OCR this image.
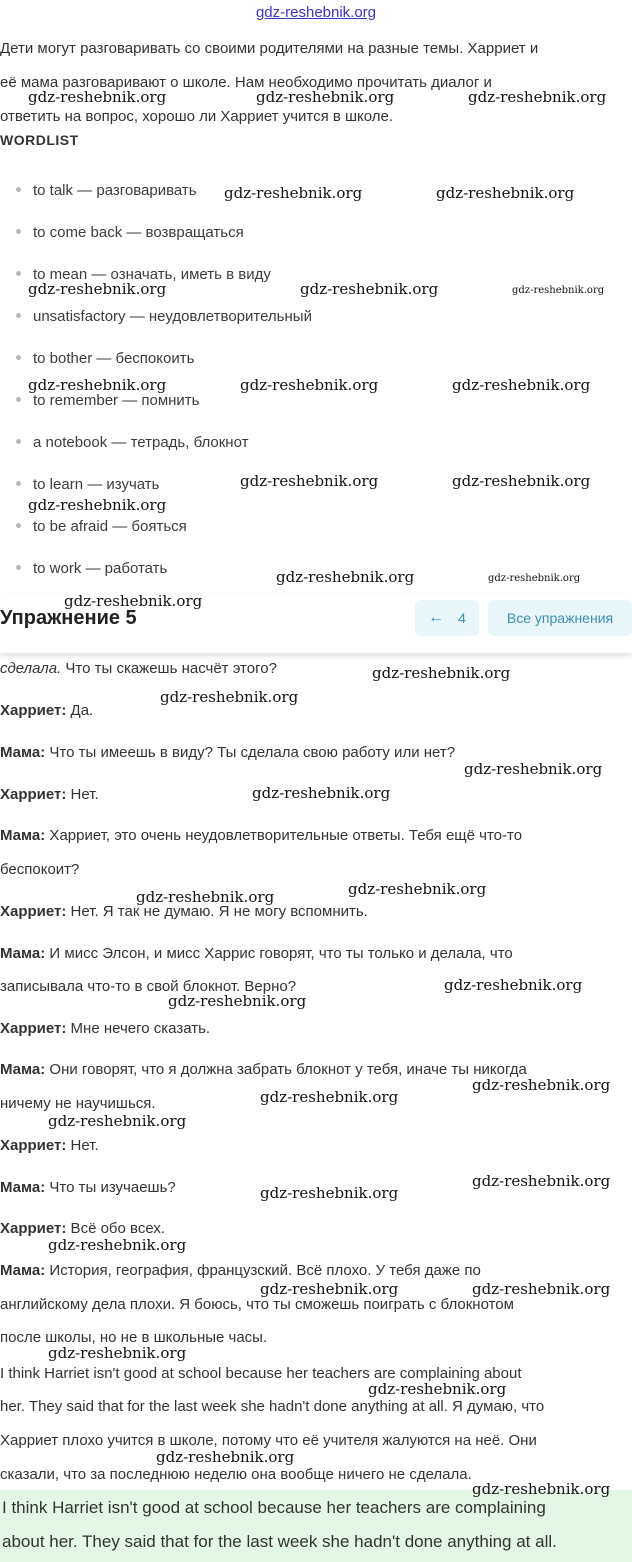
gdz-reshebnik.org
Дети могут разговаривать со своими родителями на разные темы. Харриет и
её мама разговаривают о школе. Нам необходимо прочитать диалог и
ответить на вопрос, хорошо ли Харриет учится в школе.
WORDLIST
to talk — разговаривать
to come back — возвращаться
to mean — означать, иметь в виду
unsatisfactory — неудовлетворительный
to bother — беспокоить
to remember — помнить
a notebook — тетрадь, блокнот
to learn — изучать
to be afraid — бояться
to work — работать
сделала. Что ты скажешь насчёт этого?
Харриет: Да.
Мама: Что ты имеешь в виду? Ты сделала свою работу или нет?
Харриет: Нет.
Мама: Харриет, это очень неудовлетворительные ответы. Тебя ещё что-то
беспокоит?
Харриет: Нет. Я так не думаю. Я не могу вспомнить.
Мама: И мисс Элсон, и мисс Харрис говорят, что ты только и делала, что
записывала что-то в свой блокнот. Верно?
Харриет: Мне нечего сказать.
Мама: Они говорят, что я должна забрать блокнот у тебя, иначе ты никогда
ничему не научишься.
Харриет: Нет.
Мама: Что ты изучаешь?
Харриет: Всё обо всех.
Мама: История, география, французский. Всё плохо. У тебя даже по
английскому дела плохи. Я боюсь, что ты сможешь поиграть с блокнотом
после школы, но не в школьные часы.
I think Harriet isn't good at school because her teachers are complaining about
her. They said that for the last week she hadn't done anything at all. Я думаю, что
Харриет плохо учится в школе, потому что её учителя жалуются на неё. Они
сказали, что за последнюю неделю она вообще ничего не сделала.
I think Harriet isn't good at school because her teachers are complaining
about her. They said that for the last week she hadn't done anything at all.
Упражнение 5	← 4	Все упражнения
gdz-reshebnik.org	gdz-reshebnik.org	gdz-reshebnik.org
gdz-reshebnik.org	gdz-reshebnik.org
gdz-reshebnik.org	gdz-reshebnik.org	gdz-reshebnik.org
gdz-reshebnik.org	gdz-reshebnik.org	gdz-reshebnik.org
gdz-reshebnik.org	gdz-reshebnik.org
gdz-reshebnik.org
gdz-reshebnik.org	gdz-reshebnik.org
gdz-reshebnik.org
gdz-reshebnik.org
gdz-reshebnik.org
gdz-reshebnik.org
gdz-reshebnik.org
gdz-reshebnik.org
gdz-reshebnik.org
gdz-reshebnik.org
gdz-reshebnik.org
gdz-reshebnik.org
gdz-reshebnik.org
gdz-reshebnik.org
gdz-reshebnik.org
gdz-reshebnik.org
gdz-reshebnik.org
gdz-reshebnik.org	gdz-reshebnik.org
gdz-reshebnik.org
gdz-reshebnik.org
gdz-reshebnik.org
gdz-reshebnik.org
